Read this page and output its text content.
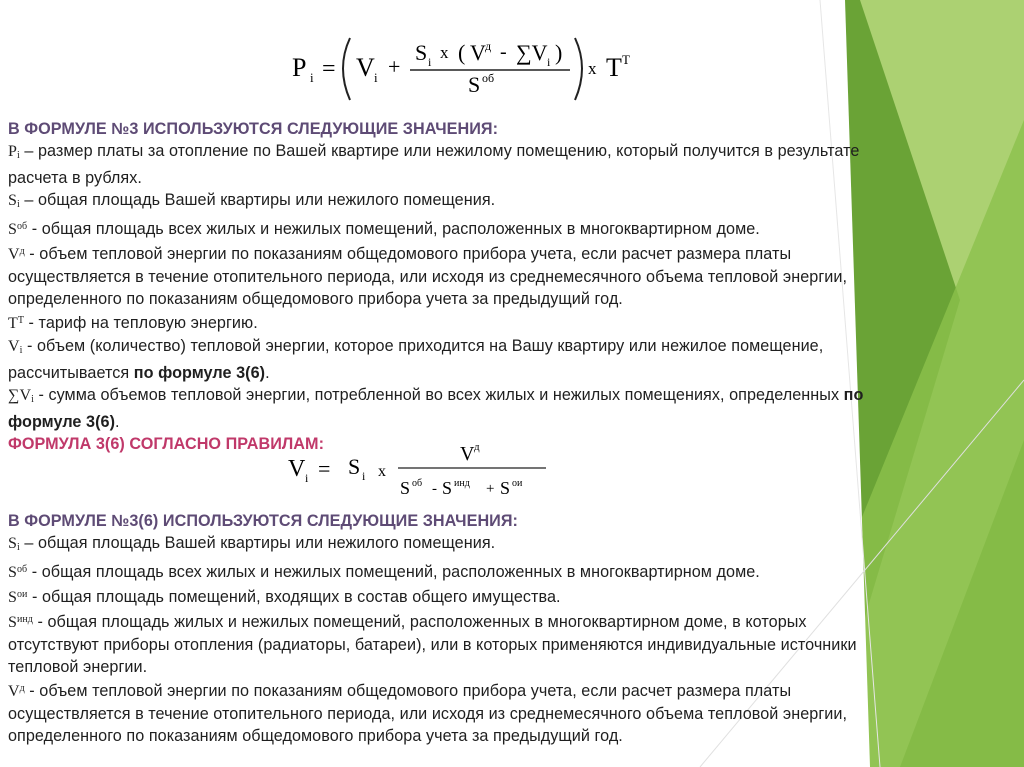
P i = V i +
S i x ( V д - ∑V i )
S об	x T T

В ФОРМУЛЕ №3 ИСПОЛЬЗУЮТСЯ СЛЕДУЮЩИЕ ЗНАЧЕНИЯ:

$P_i$ – размер платы за отопление по Вашей квартире или нежилому помещению, который получится в результате

расчета в рублях.

$S_i$ – общая площадь Вашей квартиры или нежилого помещения.

$S^{об}$ - общая площадь всех жилых и нежилых помещений, расположенных в многоквартирном доме.

$V^д$ - объем тепловой энергии по показаниям общедомового прибора учета, если расчет размера платы

осуществляется в течение отопительного периода, или исходя из среднемесячного объема тепловой энергии,

определенного по показаниям общедомового прибора учета за предыдущий год.

$T^T$ - тариф на тепловую энергию.

$V_i$ - объем (количество) тепловой энергии, которое приходится на Вашу квартиру или нежилое помещение,

рассчитывается по формуле 3(6).

$\sum V_i$ - сумма объемов тепловой энергии, потребленной во всех жилых и нежилых помещениях, определенных по

формуле 3(6).

ФОРМУЛА 3(6) СОГЛАСНО ПРАВИЛАМ:

V i = S i x
V д
S об - S инд + S ои

В ФОРМУЛЕ №3(6) ИСПОЛЬЗУЮТСЯ СЛЕДУЮЩИЕ ЗНАЧЕНИЯ:

$S_i$ – общая площадь Вашей квартиры или нежилого помещения.

$S^{об}$ - общая площадь всех жилых и нежилых помещений, расположенных в многоквартирном доме.

$S^{ои}$ - общая площадь помещений, входящих в состав общего имущества.

$S^{инд}$ - общая площадь жилых и нежилых помещений, расположенных в многоквартирном доме, в которых

отсутствуют приборы отопления (радиаторы, батареи), или в которых применяются индивидуальные источники

тепловой энергии.

$V^д$ - объем тепловой энергии по показаниям общедомового прибора учета, если расчет размера платы

осуществляется в течение отопительного периода, или исходя из среднемесячного объема тепловой энергии,

определенного по показаниям общедомового прибора учета за предыдущий год.
